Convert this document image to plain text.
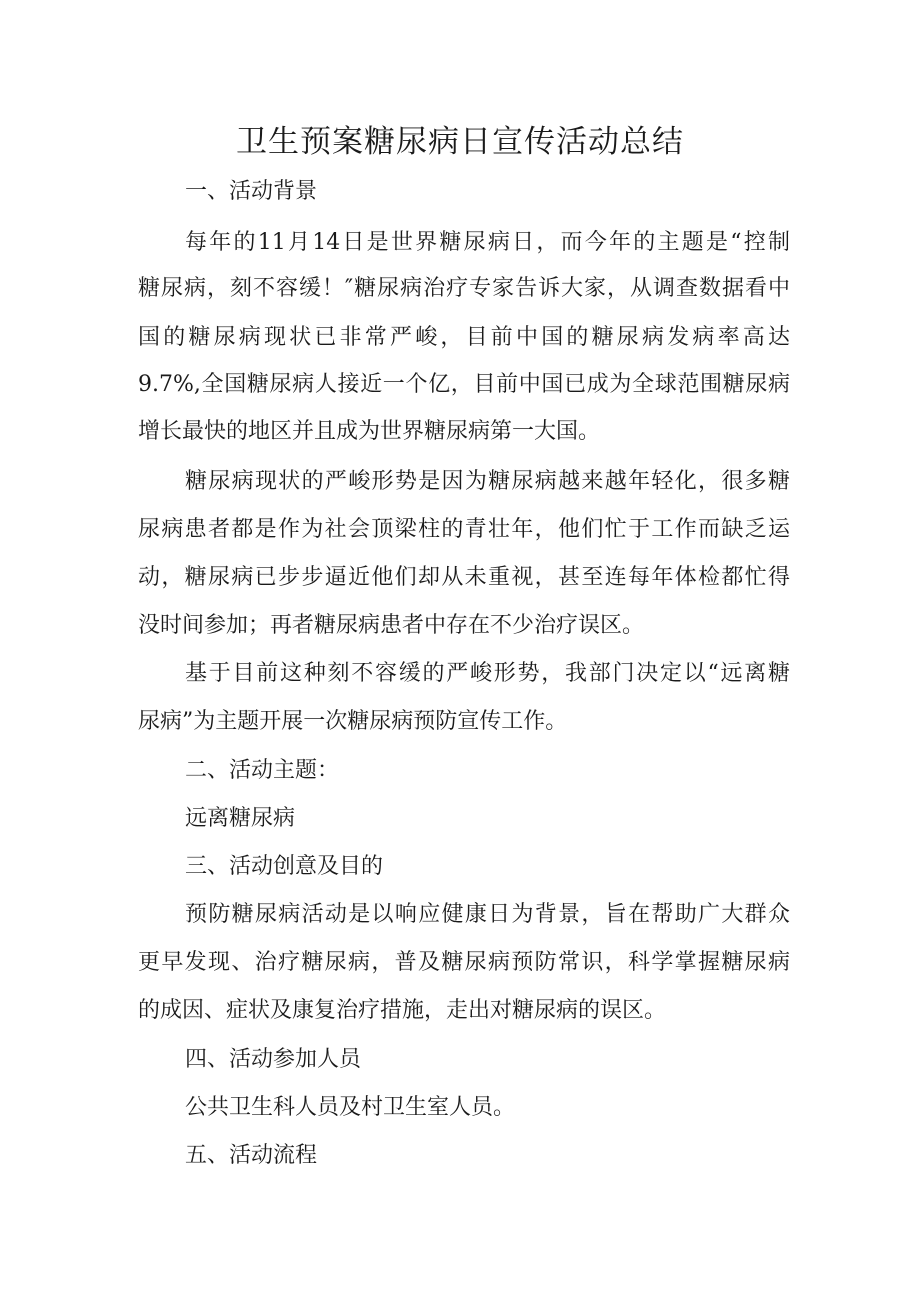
卫生预案糖尿病日宣传活动总结

一、活动背景

每年的11月14日是世界糖尿病日，而今年的主题是“控制

糖尿病，刻不容缓！″糖尿病治疗专家告诉大家，从调查数据看中

国的糖尿病现状已非常严峻，目前中国的糖尿病发病率高达

9.7%,全国糖尿病人接近一个亿，目前中国已成为全球范围糖尿病

增长最快的地区并且成为世界糖尿病第一大国。

糖尿病现状的严峻形势是因为糖尿病越来越年轻化，很多糖

尿病患者都是作为社会顶梁柱的青壮年，他们忙于工作而缺乏运

动，糖尿病已步步逼近他们却从未重视，甚至连每年体检都忙得

没时间参加；再者糖尿病患者中存在不少治疗误区。

基于目前这种刻不容缓的严峻形势，我部门决定以“远离糖

尿病”为主题开展一次糖尿病预防宣传工作。

二、活动主题：

远离糖尿病

三、活动创意及目的

预防糖尿病活动是以响应健康日为背景，旨在帮助广大群众

更早发现、治疗糖尿病，普及糖尿病预防常识，科学掌握糖尿病

的成因、症状及康复治疗措施，走出对糖尿病的误区。

四、活动参加人员

公共卫生科人员及村卫生室人员。

五、活动流程
